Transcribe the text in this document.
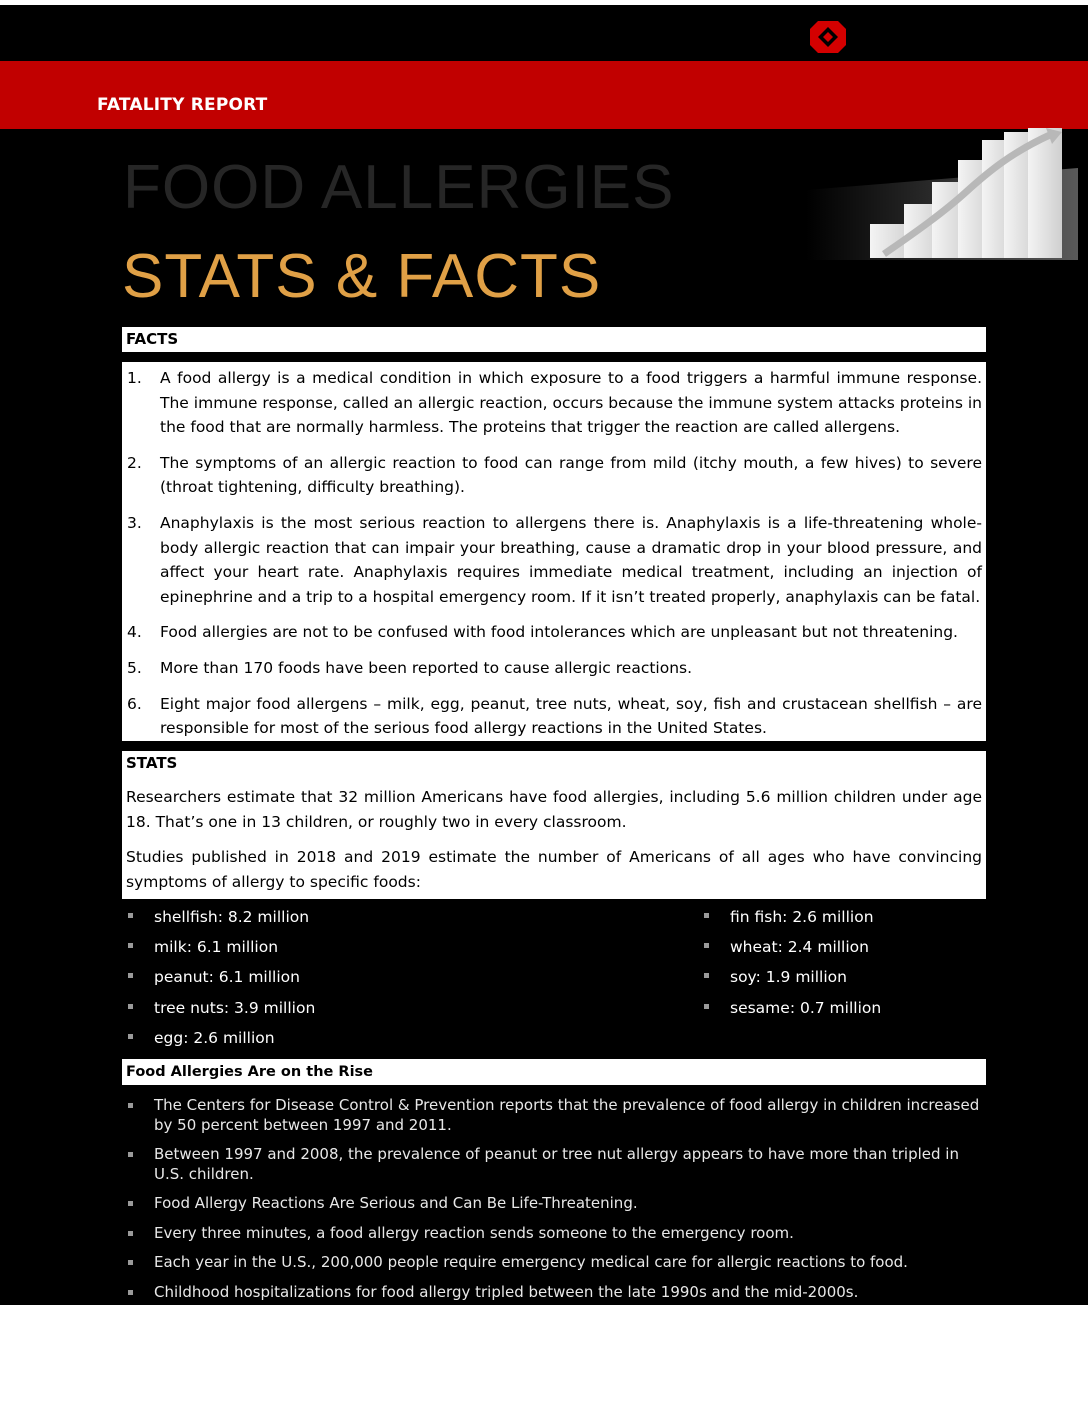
FATALITY REPORT
FOOD ALLERGIES
STATS & FACTS
FACTS
1. A food allergy is a medical condition in which exposure to a food triggers a harmful immune response. The immune response, called an allergic reaction, occurs because the immune system attacks proteins in the food that are normally harmless. The proteins that trigger the reaction are called allergens.
2. The symptoms of an allergic reaction to food can range from mild (itchy mouth, a few hives) to severe (throat tightening, difficulty breathing).
3. Anaphylaxis is the most serious reaction to allergens there is. Anaphylaxis is a life-threatening whole-body allergic reaction that can impair your breathing, cause a dramatic drop in your blood pressure, and affect your heart rate. Anaphylaxis requires immediate medical treatment, including an injection of epinephrine and a trip to a hospital emergency room. If it isn’t treated properly, anaphylaxis can be fatal.
4. Food allergies are not to be confused with food intolerances which are unpleasant but not threatening.
5. More than 170 foods have been reported to cause allergic reactions.
6. Eight major food allergens – milk, egg, peanut, tree nuts, wheat, soy, fish and crustacean shellfish – are responsible for most of the serious food allergy reactions in the United States.
STATS

Researchers estimate that 32 million Americans have food allergies, including 5.6 million children under age 18. That’s one in 13 children, or roughly two in every classroom.

Studies published in 2018 and 2019 estimate the number of Americans of all ages who have convincing symptoms of allergy to specific foods:

shellfish: 8.2 million
milk: 6.1 million
peanut: 6.1 million
tree nuts: 3.9 million
egg: 2.6 million
fin fish: 2.6 million
wheat: 2.4 million
soy: 1.9 million
sesame: 0.7 million
Food Allergies Are on the Rise
The Centers for Disease Control & Prevention reports that the prevalence of food allergy in children increased by 50 percent between 1997 and 2011.
Between 1997 and 2008, the prevalence of peanut or tree nut allergy appears to have more than tripled in U.S. children.
Food Allergy Reactions Are Serious and Can Be Life-Threatening.
Every three minutes, a food allergy reaction sends someone to the emergency room.
Each year in the U.S., 200,000 people require emergency medical care for allergic reactions to food.
Childhood hospitalizations for food allergy tripled between the late 1990s and the mid-2000s.
